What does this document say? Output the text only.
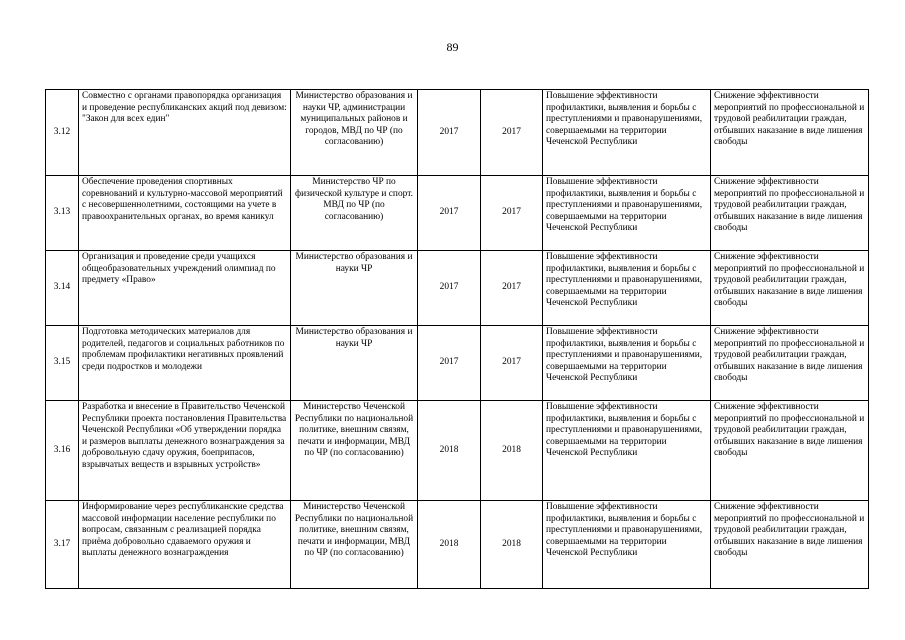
89
3.12	Совместно с органами правопорядка организация и проведение республиканских акций под девизом: "Закон для всех един"	Министерство образования и науки ЧР, администрации муниципальных районов и городов, МВД по ЧР (по согласованию)	2017	2017	Повышение эффективности профилактики, выявления и борьбы с преступлениями и правонарушениями, совершаемыми на территории Чеченской Республики	Снижение эффективности мероприятий по профессиональной и трудовой реабилитации граждан, отбывших наказание в виде лишения свободы
3.13	Обеспечение проведения спортивных соревнований и культурно-массовой мероприятий с несовершеннолетними, состоящими на учете в правоохранительных органах, во время каникул	Министерство ЧР по физической культуре и спорт. МВД по ЧР (по согласованию)	2017	2017	Повышение эффективности профилактики, выявления и борьбы с преступлениями и правонарушениями, совершаемыми на территории Чеченской Республики	Снижение эффективности мероприятий по профессиональной и трудовой реабилитации граждан, отбывших наказание в виде лишения свободы
3.14	Организация и проведение среди учащихся общеобразовательных учреждений олимпиад по предмету «Право»	Министерство образования и науки ЧР	2017	2017	Повышение эффективности профилактики, выявления и борьбы с преступлениями и правонарушениями, совершаемыми на территории Чеченской Республики	Снижение эффективности мероприятий по профессиональной и трудовой реабилитации граждан, отбывших наказание в виде лишения свободы
3.15	Подготовка методических материалов для родителей, педагогов и социальных работников по проблемам профилактики негативных проявлений среди подростков и молодежи	Министерство образования и науки ЧР	2017	2017	Повышение эффективности профилактики, выявления и борьбы с преступлениями и правонарушениями, совершаемыми на территории Чеченской Республики	Снижение эффективности мероприятий по профессиональной и трудовой реабилитации граждан, отбывших наказание в виде лишения свободы
3.16	Разработка и внесение в Правительство Чеченской Республики проекта постановления Правительства Чеченской Республики «Об утверждении порядка и размеров выплаты денежного вознаграждения за добровольную сдачу оружия, боеприпасов, взрывчатых веществ и взрывных устройств»	Министерство Чеченской Республики по национальной политике, внешним связям, печати и информации, МВД по ЧР (по согласованию)	2018	2018	Повышение эффективности профилактики, выявления и борьбы с преступлениями и правонарушениями, совершаемыми на территории Чеченской Республики	Снижение эффективности мероприятий по профессиональной и трудовой реабилитации граждан, отбывших наказание в виде лишения свободы
3.17	Информирование через республиканские средства массовой информации население республики по вопросам, связанным с реализацией порядка приёма добровольно сдаваемого оружия и выплаты денежного вознаграждения	Министерство Чеченской Республики по национальной политике, внешним связям, печати и информации, МВД по ЧР (по согласованию)	2018	2018	Повышение эффективности профилактики, выявления и борьбы с преступлениями и правонарушениями, совершаемыми на территории Чеченской Республики	Снижение эффективности мероприятий по профессиональной и трудовой реабилитации граждан, отбывших наказание в виде лишения свободы
